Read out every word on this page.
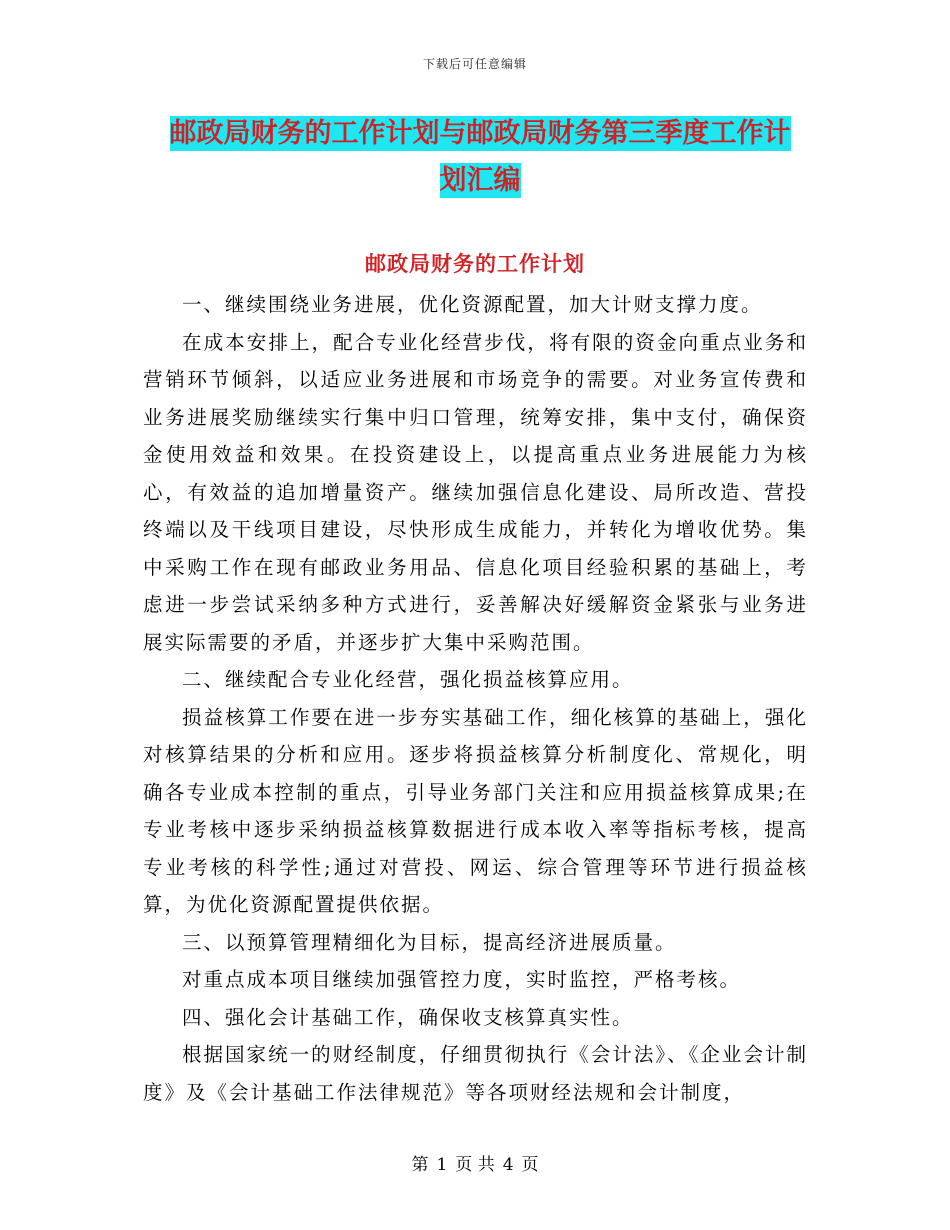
下载后可任意编辑
邮政局财务的工作计划与邮政局财务第三季度工作计
划汇编
邮政局财务的工作计划

一、继续围绕业务进展，优化资源配置，加大计财支撑力度。

在成本安排上，配合专业化经营步伐，将有限的资金向重点业务和营销环节倾斜，以适应业务进展和市场竞争的需要。对业务宣传费和业务进展奖励继续实行集中归口管理，统筹安排，集中支付，确保资金使用效益和效果。在投资建设上，以提高重点业务进展能力为核心，有效益的追加增量资产。继续加强信息化建设、局所改造、营投终端以及干线项目建设，尽快形成生成能力，并转化为增收优势。集中采购工作在现有邮政业务用品、信息化项目经验积累的基础上，考虑进一步尝试采纳多种方式进行，妥善解决好缓解资金紧张与业务进展实际需要的矛盾，并逐步扩大集中采购范围。

二、继续配合专业化经营，强化损益核算应用。

损益核算工作要在进一步夯实基础工作，细化核算的基础上，强化对核算结果的分析和应用。逐步将损益核算分析制度化、常规化，明确各专业成本控制的重点，引导业务部门关注和应用损益核算成果;在专业考核中逐步采纳损益核算数据进行成本收入率等指标考核，提高专业考核的科学性;通过对营投、网运、综合管理等环节进行损益核算，为优化资源配置提供依据。

三、以预算管理精细化为目标，提高经济进展质量。

对重点成本项目继续加强管控力度，实时监控，严格考核。

四、强化会计基础工作，确保收支核算真实性。

根据国家统一的财经制度，仔细贯彻执行《会计法》、《企业会计制度》及《会计基础工作法律规范》等各项财经法规和会计制度，

第 1 页 共 4 页
